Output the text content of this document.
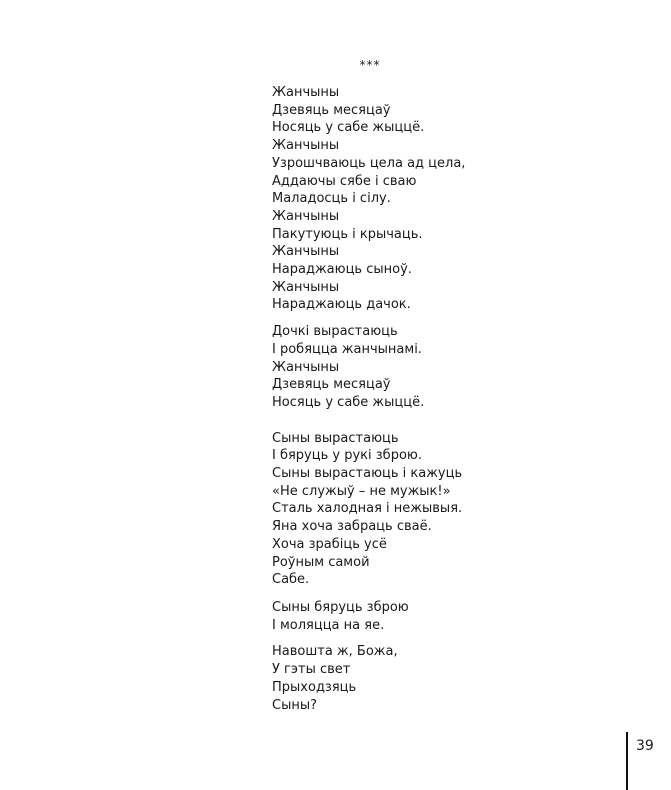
***
Жанчыны
Дзевяць месяцаў
Носяць у сабе жыццё.
Жанчыны
Узрошчваюць цела ад цела,
Аддаючы сябе і сваю
Маладосць і сілу.
Жанчыны
Пакутуюць і крычаць.
Жанчыны
Нараджаюць сыноў.
Жанчыны
Нараджаюць дачок.
Дочкі вырастаюць
І робяцца жанчынамі.
Жанчыны
Дзевяць месяцаў
Носяць у сабе жыццё.
Сыны вырастаюць
І бяруць у рукі зброю.
Сыны вырастаюць і кажуць
«Не служыў – не мужык!»
Сталь халодная і нежывыя.
Яна хоча забраць сваё.
Хоча зрабіць усё
Роўным самой
Сабе.
Сыны бяруць зброю
І моляцца на яе.
Навошта ж, Божа,
У гэты свет
Прыходзяць
Сыны?
39
